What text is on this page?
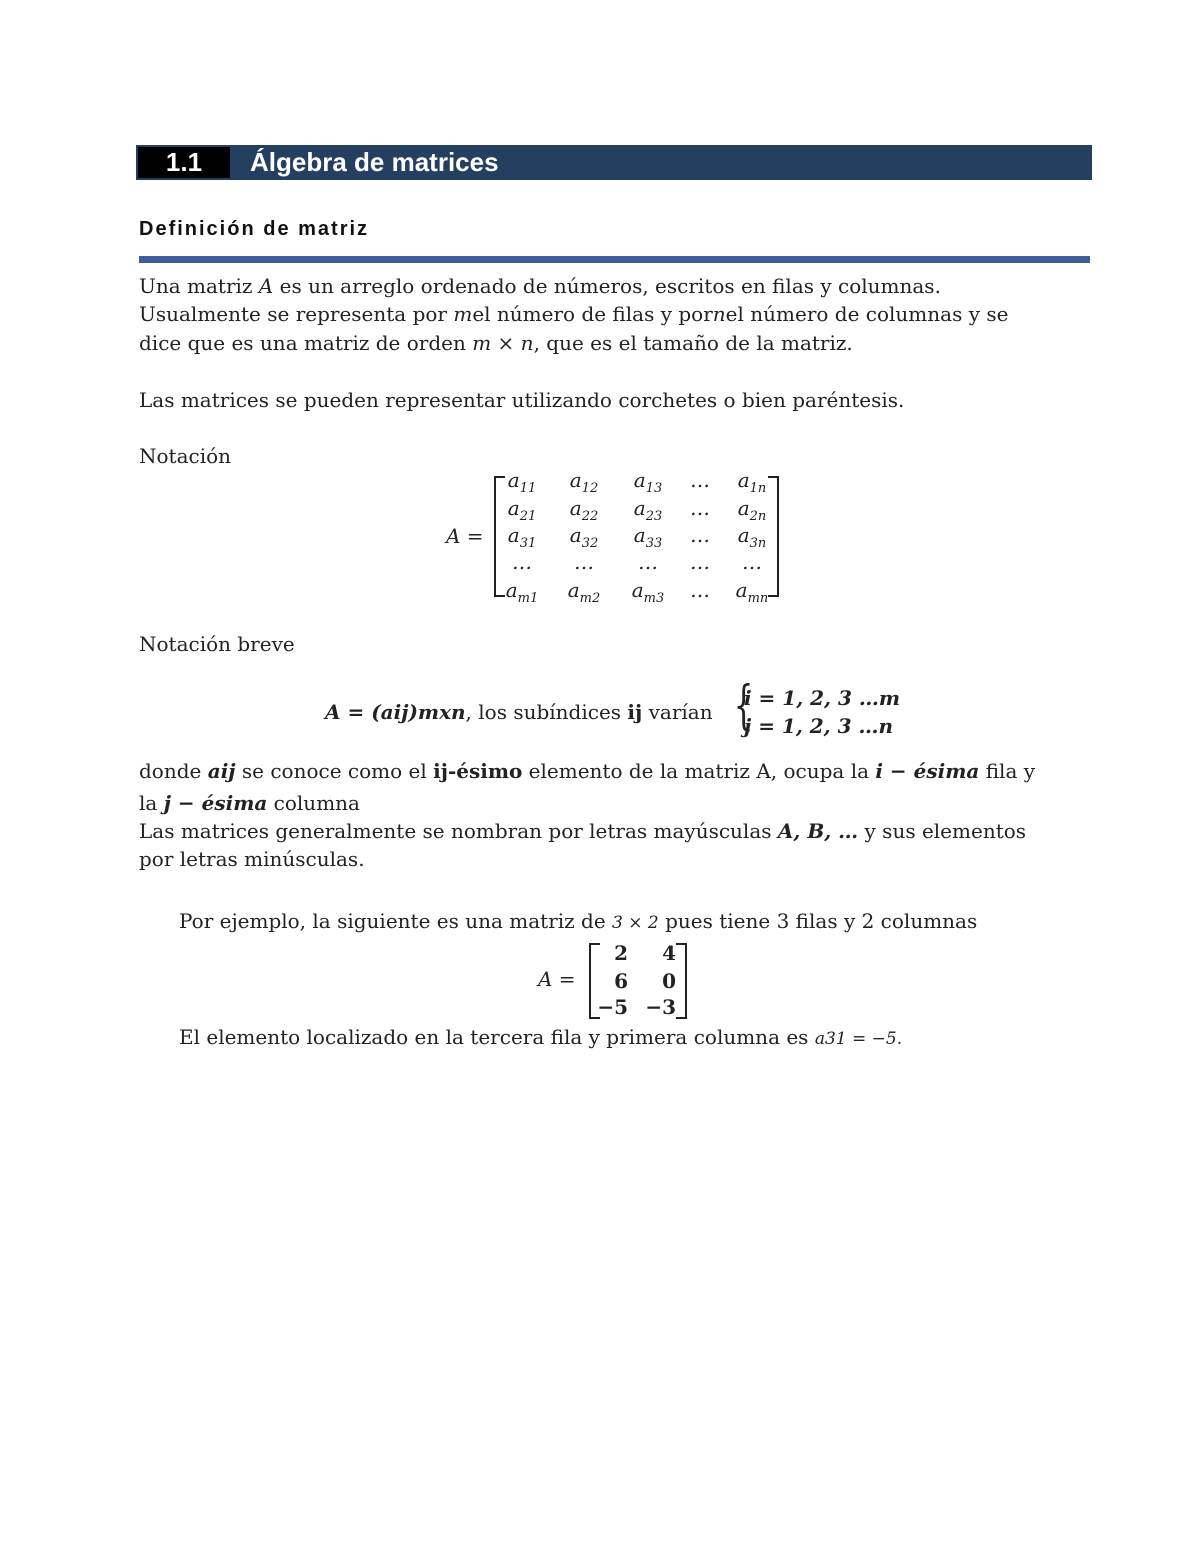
1.1	Álgebra de matrices
Definición de matriz
Una matriz A es un arreglo ordenado de números, escritos en filas y columnas.
Usualmente se representa por mel número de filas y pornel número de columnas y se
dice que es una matriz de orden m × n, que es el tamaño de la matriz.
Las matrices se pueden representar utilizando corchetes o bien paréntesis.
Notación
A =
$a_{11}$	$a_{12}$	$a_{13}$	…	$a_{1n}$
$a_{21}$	$a_{22}$	$a_{23}$	…	$a_{2n}$
$a_{31}$	$a_{32}$	$a_{33}$	…	$a_{3n}$
…	…	…	…	…
$a_{m1}$	$a_{m2}$	$a_{m3}$	…	$a_{mn}$
Notación breve
A = (aij)mxn, los subíndices ij varían {
i = 1, 2, 3 …m
j = 1, 2, 3 …n
donde aij se conoce como el ij-ésimo elemento de la matriz A, ocupa la i − ésima fila y
la j − ésima columna
Las matrices generalmente se nombran por letras mayúsculas A, B, … y sus elementos
por letras minúsculas.
Por ejemplo, la siguiente es una matriz de 3 × 2 pues tiene 3 filas y 2 columnas
A =
2	4
6	0
−5 −3
El elemento localizado en la tercera fila y primera columna es a31 = −5.
